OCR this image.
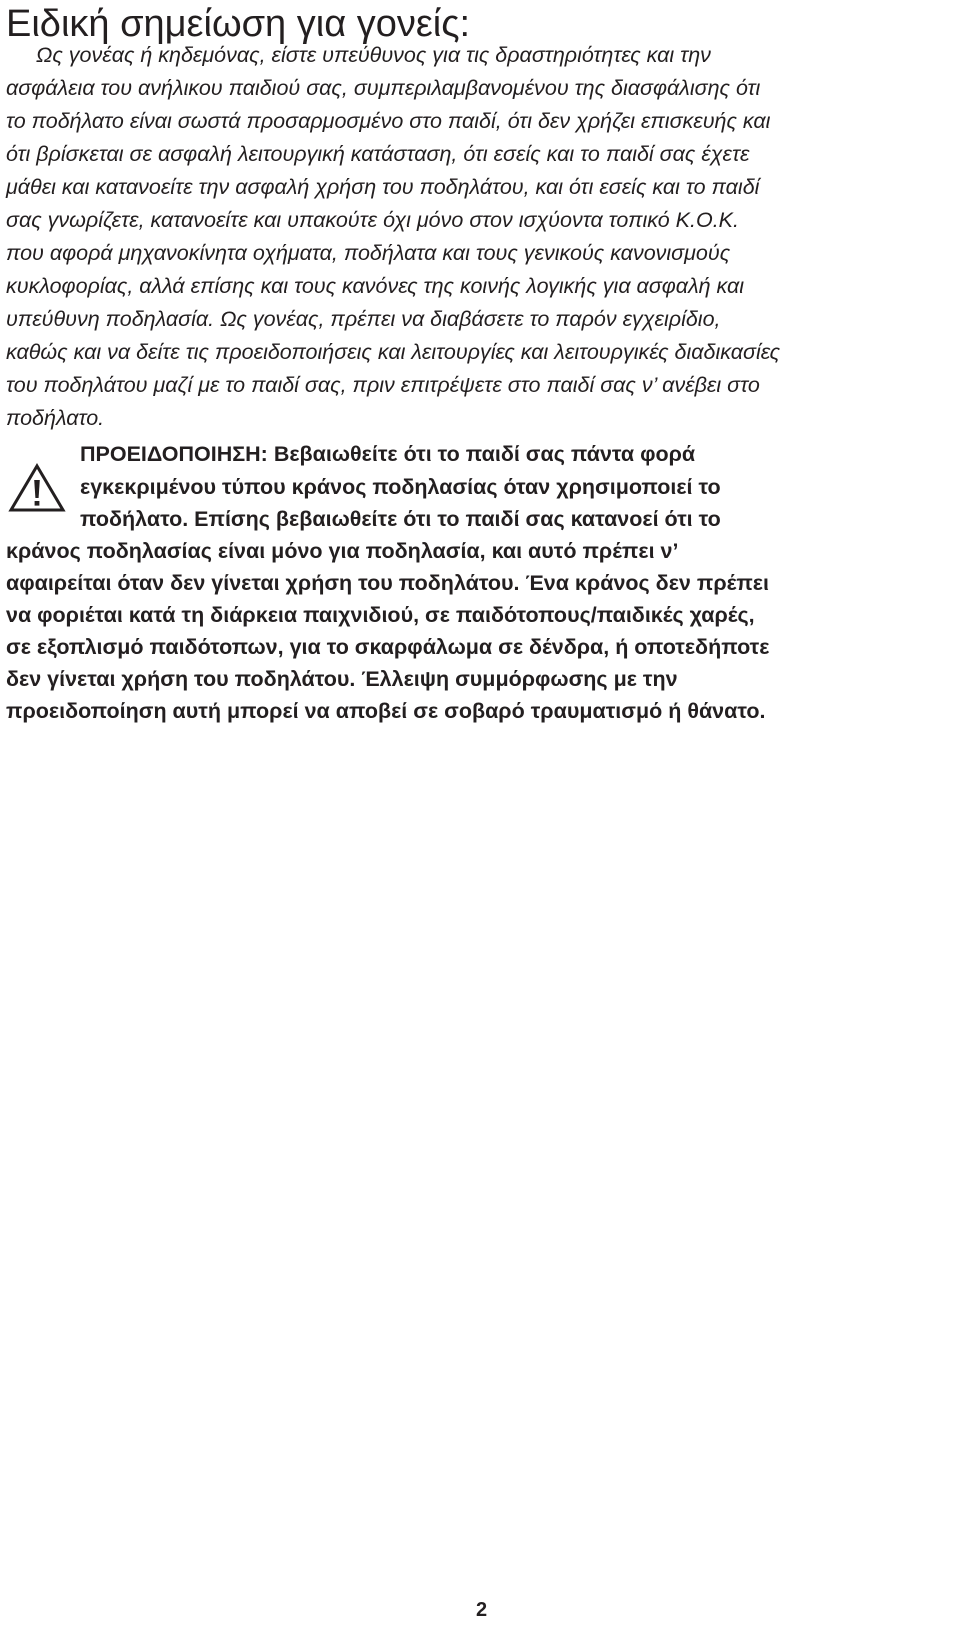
Ειδική σημείωση για γονείς:
Ως γονέας ή κηδεμόνας, είστε υπεύθυνος για τις δραστηριότητες και την
ασφάλεια του ανήλικου παιδιού σας, συμπεριλαμβανομένου της διασφάλισης ότι
το ποδήλατο είναι σωστά προσαρμοσμένο στο παιδί, ότι δεν χρήζει επισκευής και
ότι βρίσκεται σε ασφαλή λειτουργική κατάσταση, ότι εσείς και το παιδί σας έχετε
μάθει και κατανοείτε την ασφαλή χρήση του ποδηλάτου, και ότι εσείς και το παιδί
σας γνωρίζετε, κατανοείτε και υπακούτε όχι μόνο στον ισχύοντα τοπικό Κ.Ο.Κ.
που αφορά μηχανοκίνητα οχήματα, ποδήλατα και τους γενικούς κανονισμούς
κυκλοφορίας, αλλά επίσης και τους κανόνες της κοινής λογικής για ασφαλή και
υπεύθυνη ποδηλασία. Ως γονέας, πρέπει να διαβάσετε το παρόν εγχειρίδιο,
καθώς και να δείτε τις προειδοποιήσεις και λειτουργίες και λειτουργικές διαδικασίες
του ποδηλάτου μαζί με το παιδί σας, πριν επιτρέψετε στο παιδί σας ν’ ανέβει στο
ποδήλατο.
ΠΡΟΕΙΔΟΠΟΙΗΣΗ: Βεβαιωθείτε ότι το παιδί σας πάντα φορά
εγκεκριμένου τύπου κράνος ποδηλασίας όταν χρησιμοποιεί το
ποδήλατο. Επίσης βεβαιωθείτε ότι το παιδί σας κατανοεί ότι το
κράνος ποδηλασίας είναι μόνο για ποδηλασία, και αυτό πρέπει ν’
αφαιρείται όταν δεν γίνεται χρήση του ποδηλάτου. Ένα κράνος δεν πρέπει
να φοριέται κατά τη διάρκεια παιχνιδιού, σε παιδότοπους/παιδικές χαρές,
σε εξοπλισμό παιδότοπων, για το σκαρφάλωμα σε δένδρα, ή οποτεδήποτε
δεν γίνεται χρήση του ποδηλάτου. Έλλειψη συμμόρφωσης με την
προειδοποίηση αυτή μπορεί να αποβεί σε σοβαρό τραυματισμό ή θάνατο.
2
